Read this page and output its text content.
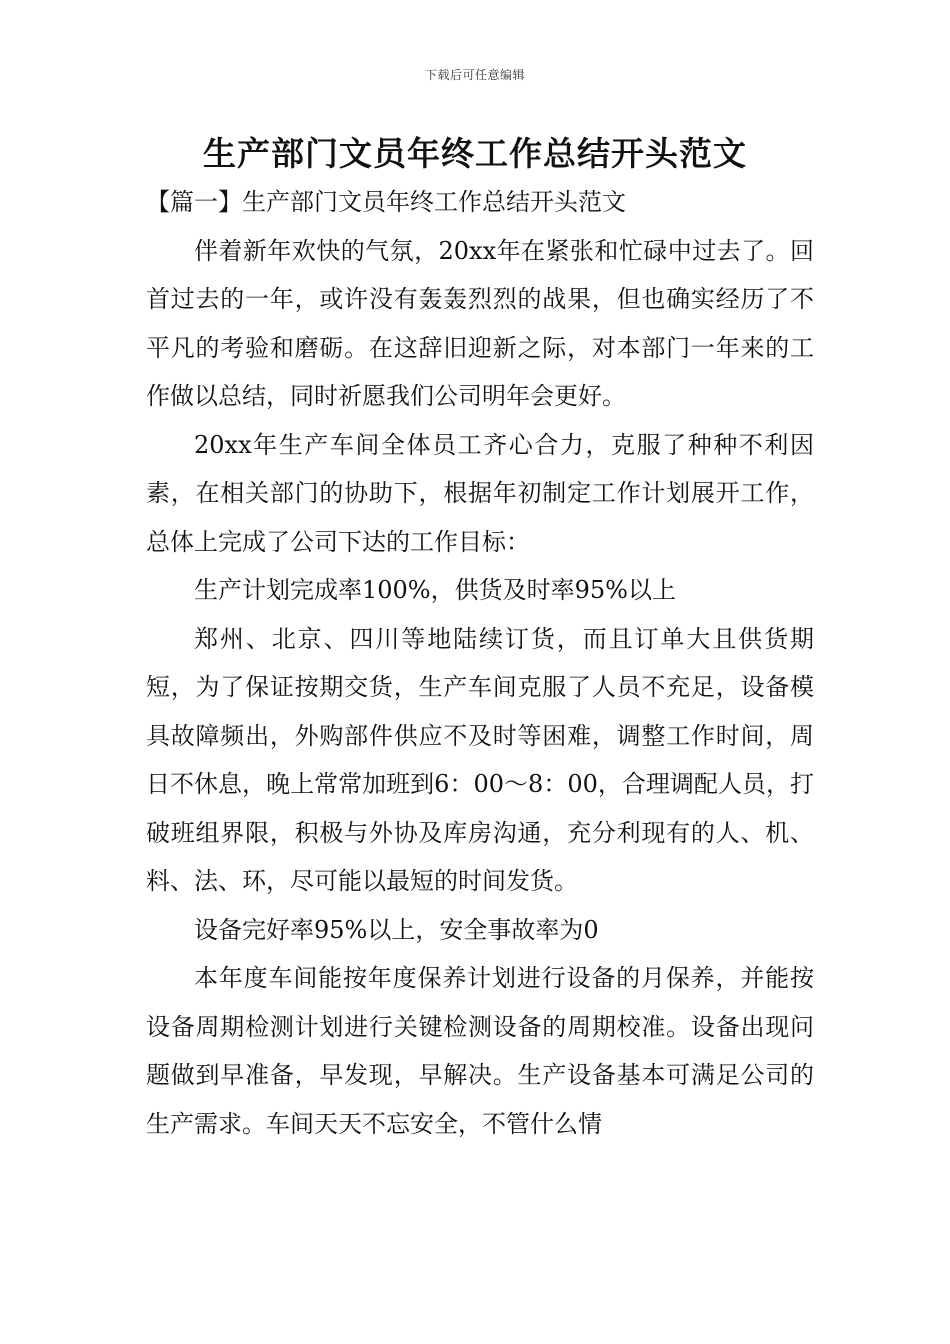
下载后可任意编辑
生产部门文员年终工作总结开头范文

【篇一】生产部门文员年终工作总结开头范文

伴着新年欢快的气氛，20xx年在紧张和忙碌中过去了。回首过去的一年，或许没有轰轰烈烈的战果，但也确实经历了不平凡的考验和磨砺。在这辞旧迎新之际，对本部门一年来的工作做以总结，同时祈愿我们公司明年会更好。

20xx年生产车间全体员工齐心合力，克服了种种不利因素，在相关部门的协助下，根据年初制定工作计划展开工作，总体上完成了公司下达的工作目标：

生产计划完成率100%，供货及时率95%以上

郑州、北京、四川等地陆续订货，而且订单大且供货期短，为了保证按期交货，生产车间克服了人员不充足，设备模具故障频出，外购部件供应不及时等困难，调整工作时间，周日不休息，晚上常常加班到6：00～8：00，合理调配人员，打破班组界限，积极与外协及库房沟通，充分利现有的人、机、料、法、环，尽可能以最短的时间发货。

设备完好率95%以上，安全事故率为0

本年度车间能按年度保养计划进行设备的月保养，并能按设备周期检测计划进行关键检测设备的周期校准。设备出现问题做到早准备，早发现，早解决。生产设备基本可满足公司的生产需求。车间天天不忘安全，不管什么情
